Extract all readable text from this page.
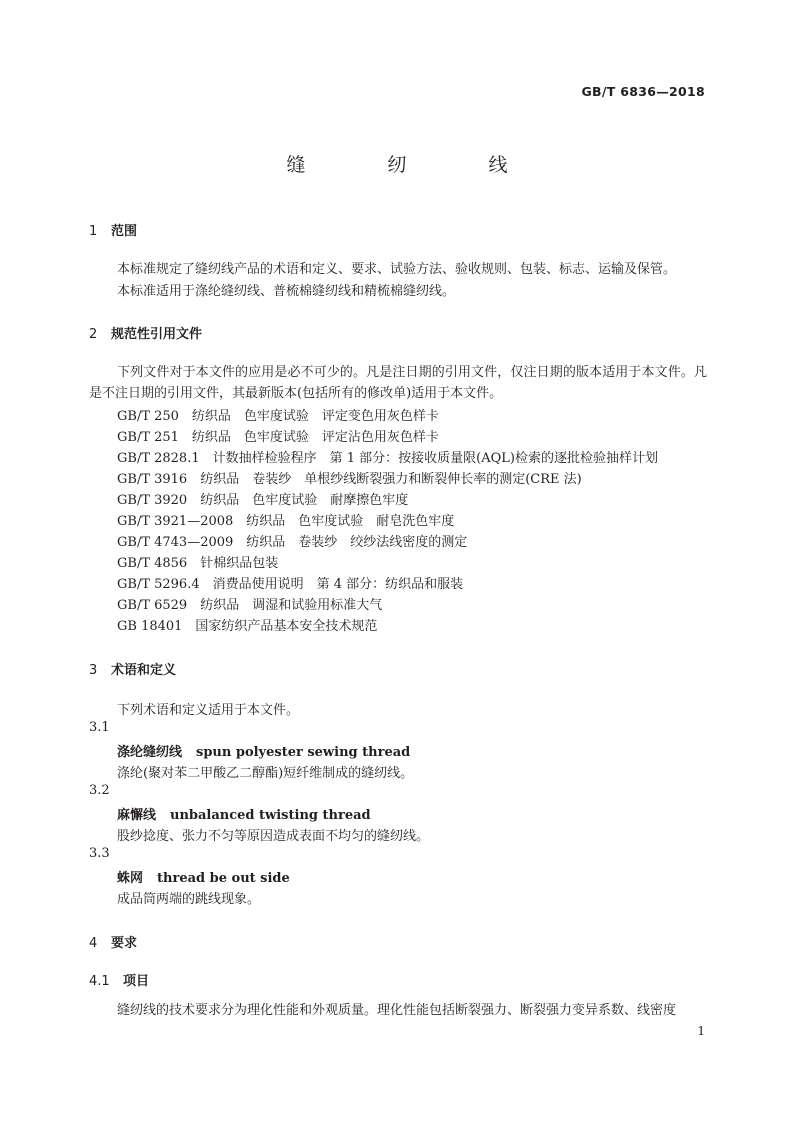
GB/T 6836—2018
缝 纫 线
1 范围
本标准规定了缝纫线产品的术语和定义、要求、试验方法、验收规则、包装、标志、运输及保管。
本标准适用于涤纶缝纫线、普梳棉缝纫线和精梳棉缝纫线。
2 规范性引用文件
下列文件对于本文件的应用是必不可少的。凡是注日期的引用文件，仅注日期的版本适用于本文件。凡是不注日期的引用文件，其最新版本(包括所有的修改单)适用于本文件。
GB/T 250　纺织品　色牢度试验　评定变色用灰色样卡
GB/T 251　纺织品　色牢度试验　评定沾色用灰色样卡
GB/T 2828.1　计数抽样检验程序　第 1 部分：按接收质量限(AQL)检索的逐批检验抽样计划
GB/T 3916　纺织品　卷装纱　单根纱线断裂强力和断裂伸长率的测定(CRE 法)
GB/T 3920　纺织品　色牢度试验　耐摩擦色牢度
GB/T 3921—2008　纺织品　色牢度试验　耐皂洗色牢度
GB/T 4743—2009　纺织品　卷装纱　绞纱法线密度的测定
GB/T 4856　针棉织品包装
GB/T 5296.4　消费品使用说明　第 4 部分：纺织品和服装
GB/T 6529　纺织品　调湿和试验用标准大气
GB 18401　国家纺织产品基本安全技术规范
3 术语和定义
下列术语和定义适用于本文件。
3.1
涤纶缝纫线 spun polyester sewing thread
涤纶(聚对苯二甲酸乙二醇酯)短纤维制成的缝纫线。
3.2
麻懈线 unbalanced twisting thread
股纱捻度、张力不匀等原因造成表面不均匀的缝纫线。
3.3
蛛网 thread be out side
成品筒两端的跳线现象。
4 要求
4.1 项目
缝纫线的技术要求分为理化性能和外观质量。理化性能包括断裂强力、断裂强力变异系数、线密度
1
